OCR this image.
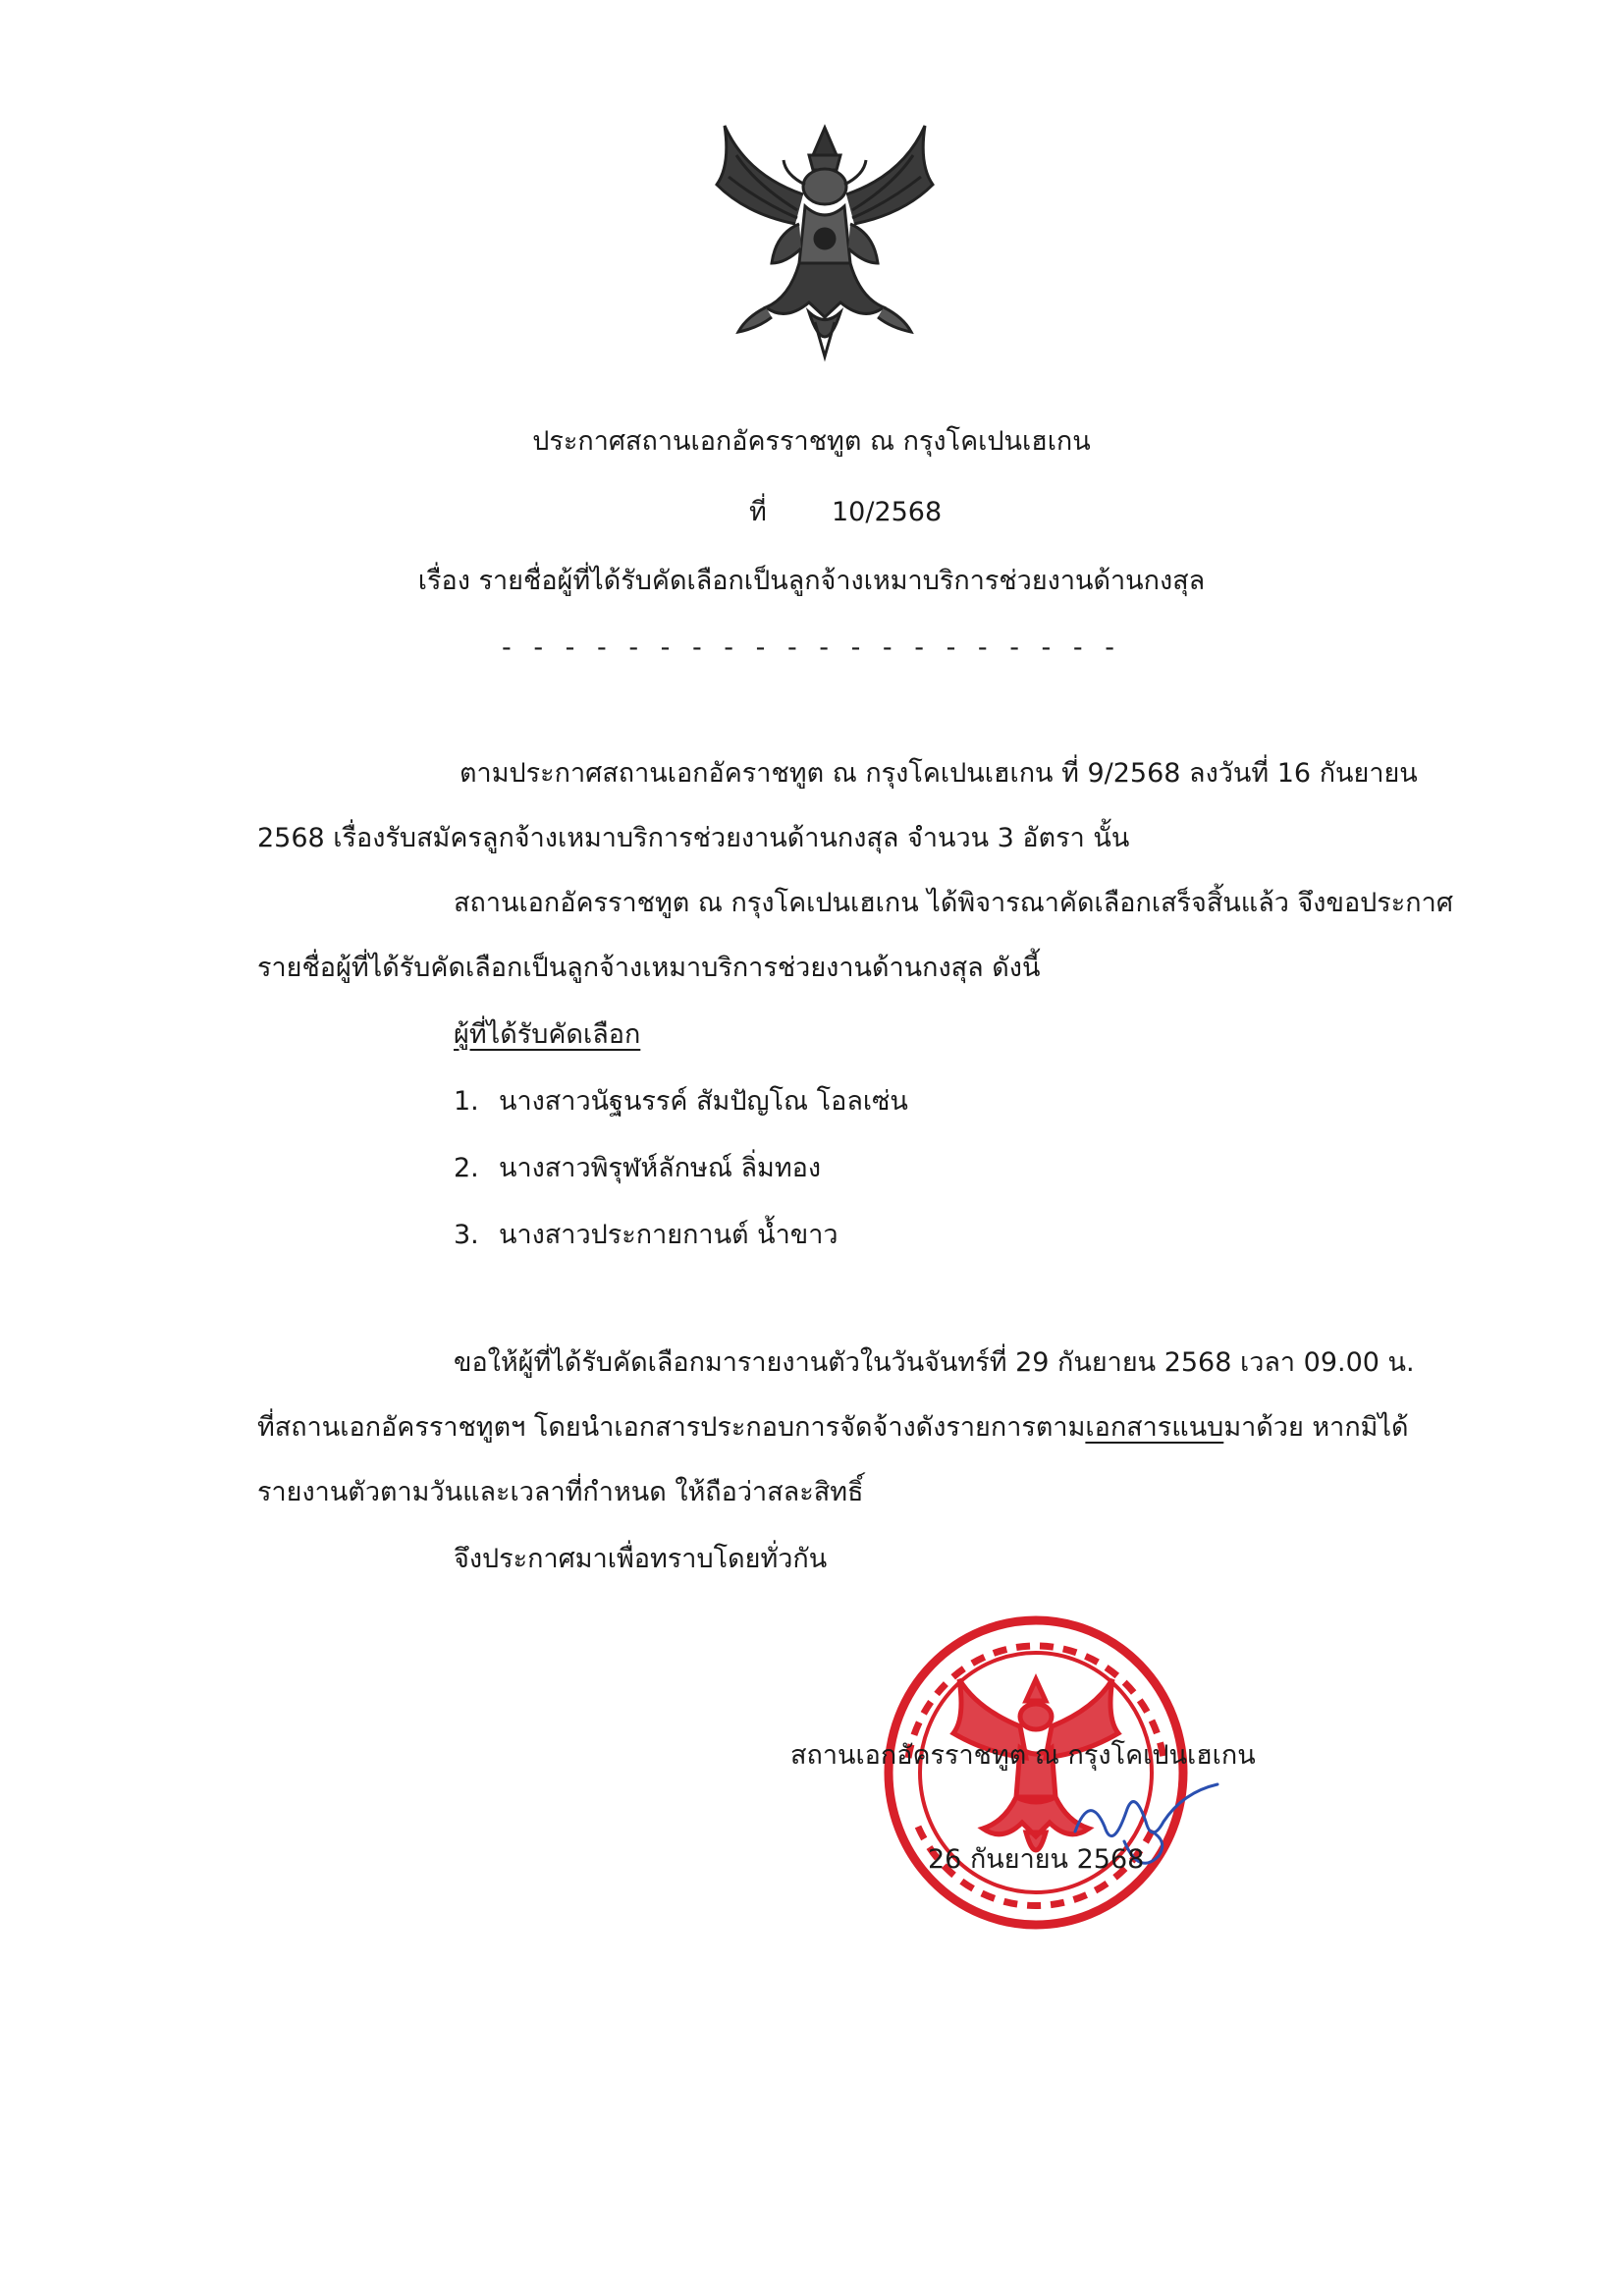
ประกาศสถานเอกอัครราชทูต ณ กรุงโคเปนเฮเกน
ที่ 10/2568
เรื่อง รายชื่อผู้ที่ได้รับคัดเลือกเป็นลูกจ้างเหมาบริการช่วยงานด้านกงสุล
- - - - - - - - - - - - - - - - - - - -
ตามประกาศสถานเอกอัคราชทูต ณ กรุงโคเปนเฮเกน ที่ 9/2568 ลงวันที่ 16 กันยายน
2568 เรื่องรับสมัครลูกจ้างเหมาบริการช่วยงานด้านกงสุล จำนวน 3 อัตรา นั้น
สถานเอกอัครราชทูต ณ กรุงโคเปนเฮเกน ได้พิจารณาคัดเลือกเสร็จสิ้นแล้ว จึงขอประกาศ
รายชื่อผู้ที่ได้รับคัดเลือกเป็นลูกจ้างเหมาบริการช่วยงานด้านกงสุล ดังนี้
ผู้ที่ได้รับคัดเลือก
1. นางสาวนัฐนรรค์ สัมปัญโณ โอลเซ่น
2. นางสาวพิรุฬห์ลักษณ์ ลิ่มทอง
3. นางสาวประกายกานต์ น้ำขาว
ขอให้ผู้ที่ได้รับคัดเลือกมารายงานตัวในวันจันทร์ที่ 29 กันยายน 2568 เวลา 09.00 น.
ที่สถานเอกอัครราชทูตฯ โดยนำเอกสารประกอบการจัดจ้างดังรายการตามเอกสารแนบมาด้วย หากมิได้
รายงานตัวตามวันและเวลาที่กำหนด ให้ถือว่าสละสิทธิ์
จึงประกาศมาเพื่อทราบโดยทั่วกัน
สถานเอกอัครราชทูต ณ กรุงโคเปนเฮเกน
26 กันยายน 2568
